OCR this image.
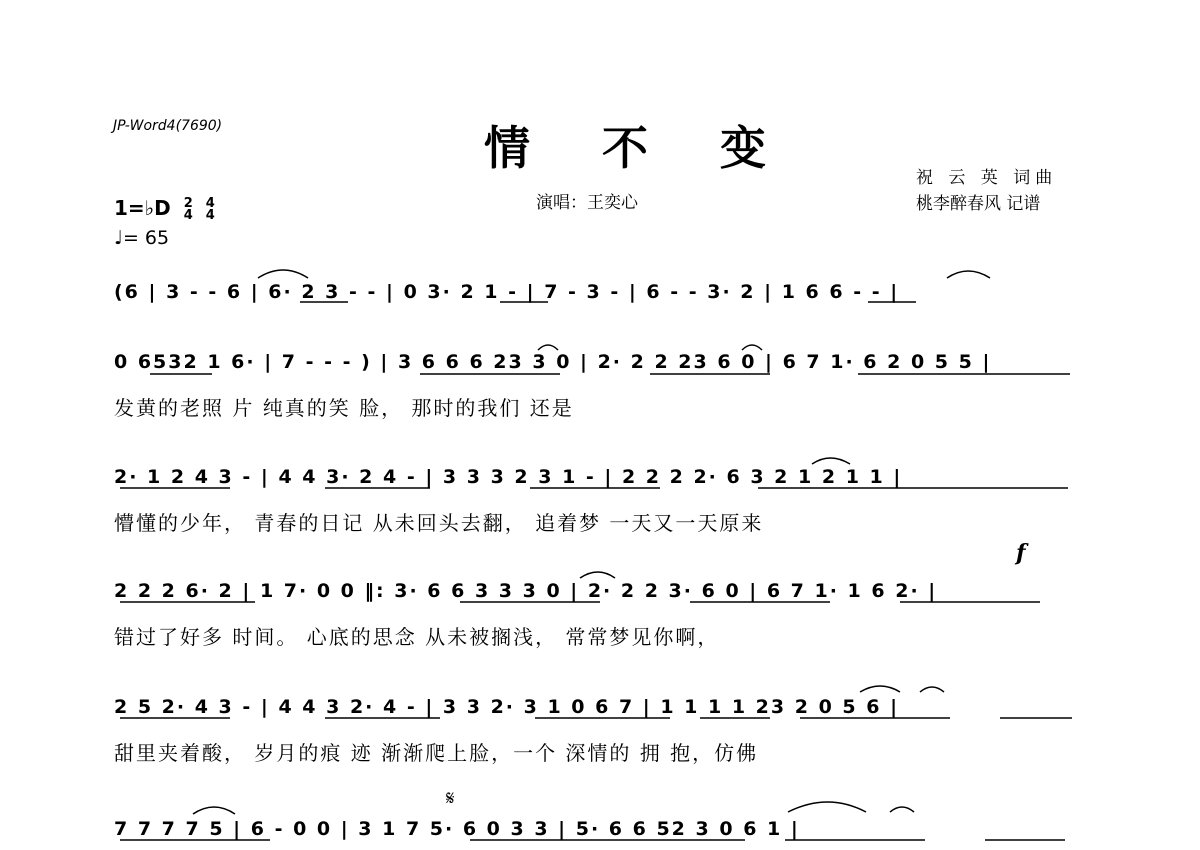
JP-Word4(7690)	情 不 变
演唱：王奕心
祝 云 英 词曲
桃李醉春风 记谱
1=♭D 2
4

4
4
♩= 65
(6 | 3 - - 6 | 6· 2 3 - - | 0 3· 2 1 - | 7 - 3 - | 6 - - 3· 2 | 1 6 6 - - |
0 6532 1 6· | 7 - - - ) | 3 6 6 6 23 3 0 | 2· 2 2 23 6 0 | 6 7 1· 6 2 0 5 5 |
发黄的老照 片 纯真的笑 脸， 那时的我们 还是
2· 1 2 4 3 - | 4 4 3· 2 4 - | 3 3 3 2 3 1 - | 2 2 2 2· 6 3 2 1 2 1 1 |
懵懂的少年， 青春的日记 从未回头去翻， 追着梦 一天又一天原来
f
2 2 2 6· 2 | 1 7· 0 0 ‖: 3· 6 6 3 3 3 0 | 2· 2 2 3· 6 0 | 6 7 1· 1 6 2· |
错过了好多 时间。 心底的思念 从未被搁浅， 常常梦见你啊，
2 5 2· 4 3 - | 4 4 3 2· 4 - | 3 3 2· 3 1 0 6 7 | 1 1 1 1 23 2 0 5 6 |
甜里夹着酸， 岁月的痕 迹 渐渐爬上脸，一个 深情的 拥 抱，仿佛
𝄋
7 7 7 7 5 | 6 - 0 0 | 3 1 7 5· 6 0 3 3 | 5· 6 6 52 3 0 6 1 |
